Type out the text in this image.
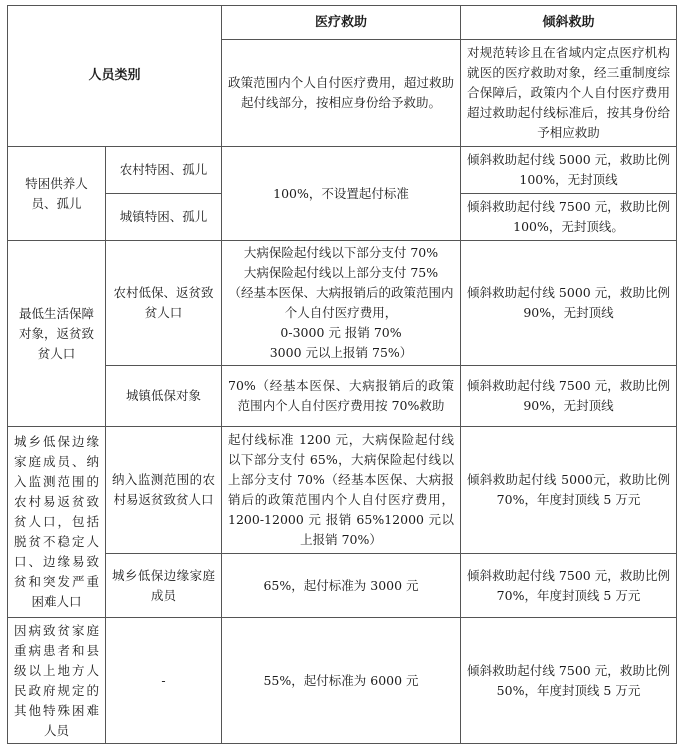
人员类别		医疗救助	倾斜救助
		政策范围内个人自付医疗费用，超过救助起付线部分，按相应身份给予救助。	对规范转诊且在省域内定点医疗机构就医的医疗救助对象，经三重制度综合保障后，政策内个人自付医疗费用超过救助起付线标准后，按其身份给予相应救助
特困供养人员、孤儿	农村特困、孤儿	100%，不设置起付标准	倾斜救助起付线 5000 元，救助比例 100%，无封顶线
	城镇特困、孤儿		倾斜救助起付线 7500 元，救助比例 100%，无封顶线。
最低生活保障对象，返贫致贫人口	农村低保、返贫致贫人口	大病保险起付线以下部分支付 70%
大病保险起付线以上部分支付 75%
（经基本医保、大病报销后的政策范围内个人自付医疗费用，
0-3000 元 报销 70%
3000 元以上报销 75%）	倾斜救助起付线 5000 元，救助比例 90%，无封顶线
	城镇低保对象	70%（经基本医保、大病报销后的政策范围内个人自付医疗费用按 70%救助	倾斜救助起付线 7500 元，救助比例 90%，无封顶线
城乡低保边缘家庭成员、纳入监测范围的农村易返贫致贫人口，包括脱贫不稳定人口、边缘易致贫和突发严重困难人口	纳入监测范围的农村易返贫致贫人口	起付线标准 1200 元，大病保险起付线以下部分支付 65%，大病保险起付线以上部分支付 70%（经基本医保、大病报销后的政策范围内个人自付医疗费用，1200-12000 元 报销 65%12000 元以上报销 70%）	倾斜救助起付线 5000元，救助比例 70%，年度封顶线 5 万元
	城乡低保边缘家庭成员	65%，起付标准为 3000 元	倾斜救助起付线 7500 元，救助比例 70%，年度封顶线 5 万元
因病致贫家庭重病患者和县级以上地方人民政府规定的其他特殊困难人员	-	55%，起付标准为 6000 元	倾斜救助起付线 7500 元，救助比例 50%，年度封顶线 5 万元
